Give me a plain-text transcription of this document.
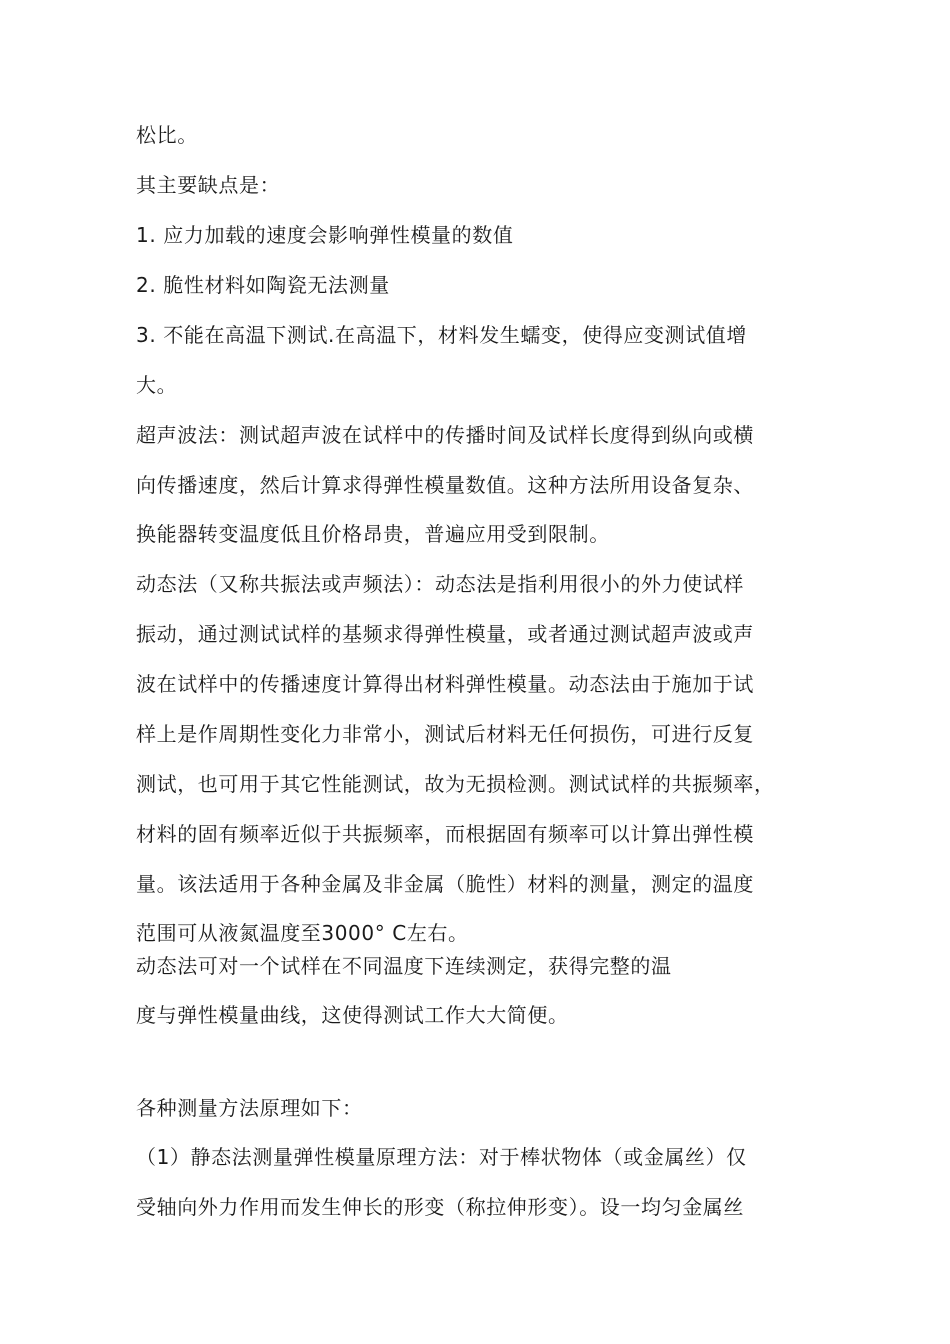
松比。
其主要缺点是：
1. 应力加载的速度会影响弹性模量的数值
2. 脆性材料如陶瓷无法测量
3. 不能在高温下测试.在高温下，材料发生蠕变，使得应变测试值增
大。
超声波法：测试超声波在试样中的传播时间及试样长度得到纵向或横
向传播速度，然后计算求得弹性模量数值。这种方法所用设备复杂、
换能器转变温度低且价格昂贵，普遍应用受到限制。
动态法（又称共振法或声频法）：动态法是指利用很小的外力使试样
振动，通过测试试样的基频求得弹性模量，或者通过测试超声波或声
波在试样中的传播速度计算得出材料弹性模量。动态法由于施加于试
样上是作周期性变化力非常小，测试后材料无任何损伤，可进行反复
测试，也可用于其它性能测试，故为无损检测。测试试样的共振频率，
材料的固有频率近似于共振频率，而根据固有频率可以计算出弹性模
量。该法适用于各种金属及非金属（脆性）材料的测量，测定的温度
范围可从液氮温度至3000° C左右。
动态法可对一个试样在不同温度下连续测定，获得完整的温
度与弹性模量曲线，这使得测试工作大大简便。
各种测量方法原理如下：
（1）静态法测量弹性模量原理方法：对于棒状物体（或金属丝）仅
受轴向外力作用而发生伸长的形变（称拉伸形变）。设一均匀金属丝
